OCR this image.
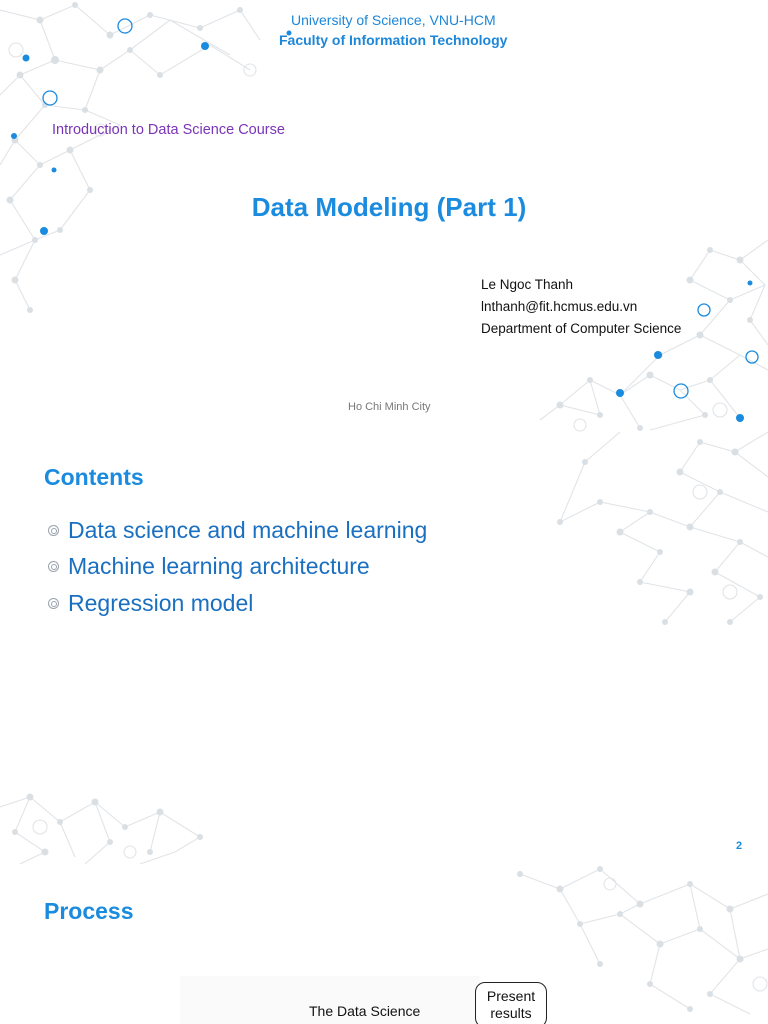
University of Science, VNU-HCM

Faculty of Information Technology

Introduction to Data Science Course

Data Modeling (Part 1)

Le Ngoc Thanh

lnthanh@fit.hcmus.edu.vn

Department of Computer Science

Ho Chi Minh City

Contents
Data science and machine learning
Machine learning architecture
Regression model

2

Process

The Data Science

Present
results
